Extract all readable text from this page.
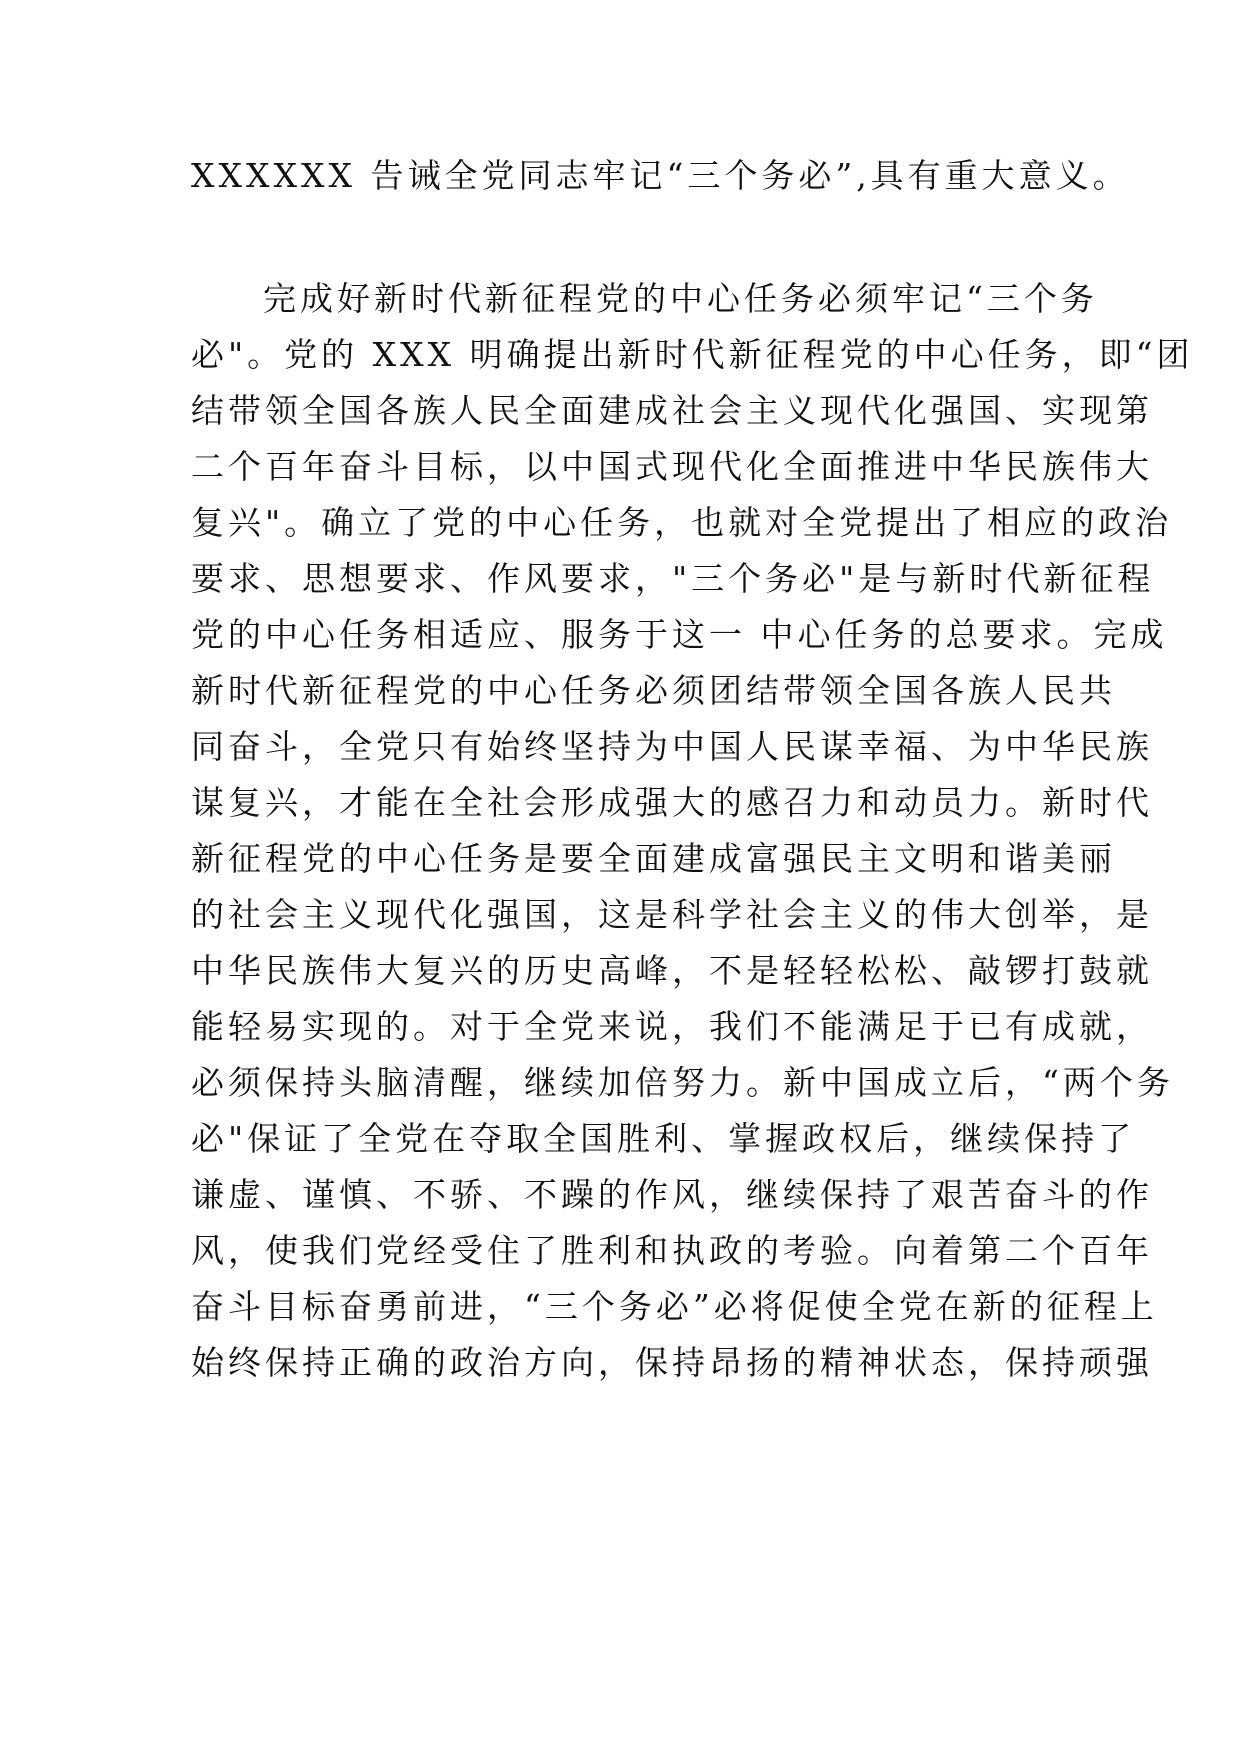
XXXXXX 告诫全党同志牢记“三个务必”,具有重大意义。
完成好新时代新征程党的中心任务必须牢记“三个务
必"。党的 XXX 明确提出新时代新征程党的中心任务，即“团
结带领全国各族人民全面建成社会主义现代化强国、实现第
二个百年奋斗目标，以中国式现代化全面推进中华民族伟大
复兴"。确立了党的中心任务，也就对全党提出了相应的政治
要求、思想要求、作风要求，"三个务必"是与新时代新征程
党的中心任务相适应、服务于这一 中心任务的总要求。完成
新时代新征程党的中心任务必须团结带领全国各族人民共
同奋斗，全党只有始终坚持为中国人民谋幸福、为中华民族
谋复兴，才能在全社会形成强大的感召力和动员力。新时代
新征程党的中心任务是要全面建成富强民主文明和谐美丽
的社会主义现代化强国，这是科学社会主义的伟大创举，是
中华民族伟大复兴的历史高峰，不是轻轻松松、敲锣打鼓就
能轻易实现的。对于全党来说，我们不能满足于已有成就，
必须保持头脑清醒，继续加倍努力。新中国成立后，“两个务
必"保证了全党在夺取全国胜利、掌握政权后，继续保持了
谦虚、谨慎、不骄、不躁的作风，继续保持了艰苦奋斗的作
风，使我们党经受住了胜利和执政的考验。向着第二个百年
奋斗目标奋勇前进，“三个务必”必将促使全党在新的征程上
始终保持正确的政治方向，保持昂扬的精神状态，保持顽强
